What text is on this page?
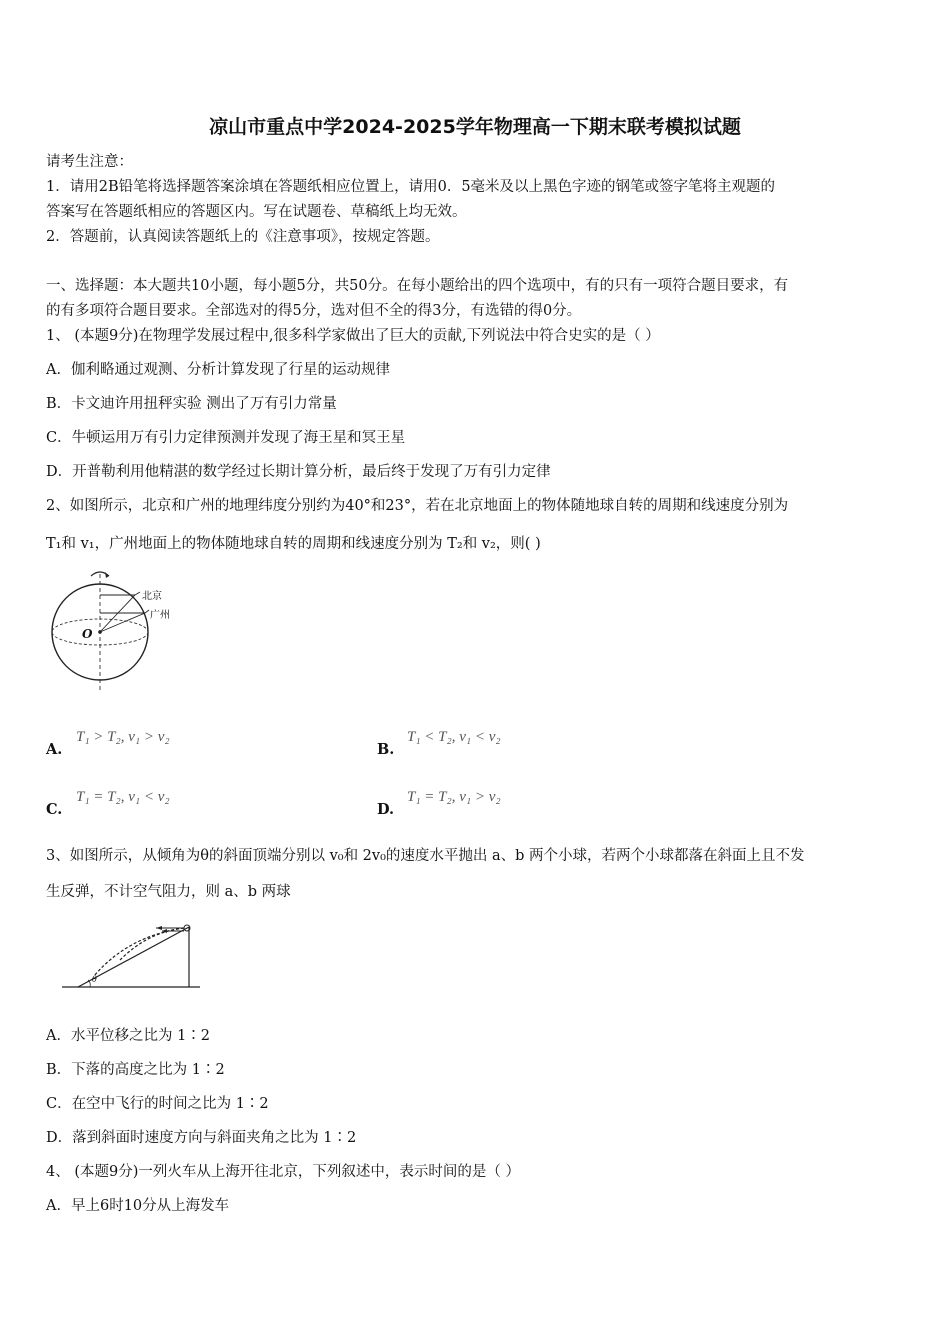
凉山市重点中学2024-2025学年物理高一下期末联考模拟试题
请考生注意：
1．请用2B铅笔将选择题答案涂填在答题纸相应位置上，请用0．5毫米及以上黑色字迹的钢笔或签字笔将主观题的
答案写在答题纸相应的答题区内。写在试题卷、草稿纸上均无效。
2．答题前，认真阅读答题纸上的《注意事项》，按规定答题。
一、选择题：本大题共10小题，每小题5分，共50分。在每小题给出的四个选项中，有的只有一项符合题目要求，有
的有多项符合题目要求。全部选对的得5分，选对但不全的得3分，有选错的得0分。
1、 (本题9分)在物理学发展过程中,很多科学家做出了巨大的贡献,下列说法中符合史实的是（ ）
A．伽利略通过观测、分析计算发现了行星的运动规律
B．卡文迪许用扭秤实验 测出了万有引力常量
C．牛顿运用万有引力定律预测并发现了海王星和冥王星
D．开普勒利用他精湛的数学经过长期计算分析，最后终于发现了万有引力定律
2、如图所示，北京和广州的地理纬度分别约为40°和23°，若在北京地面上的物体随地球自转的周期和线速度分别为
T₁和 v₁，广州地面上的物体随地球自转的周期和线速度分别为 T₂和 v₂，则( )
北京
广州
O
A.
T₁ > T₂, v₁ > v₂
B.
T₁ < T₂, v₁ < v₂
C.
T₁ = T₂, v₁ < v₂
D.
T₁ = T₂, v₁ > v₂
3、如图所示，从倾角为θ的斜面顶端分别以 v₀和 2v₀的速度水平抛出 a、b 两个小球，若两个小球都落在斜面上且不发
生反弹，不计空气阻力，则 a、b 两球
θ
A．水平位移之比为 1∶2
B．下落的高度之比为 1∶2
C．在空中飞行的时间之比为 1∶2
D．落到斜面时速度方向与斜面夹角之比为 1∶2
4、 (本题9分)一列火车从上海开往北京，下列叙述中，表示时间的是（ ）
A．早上6时10分从上海发车
